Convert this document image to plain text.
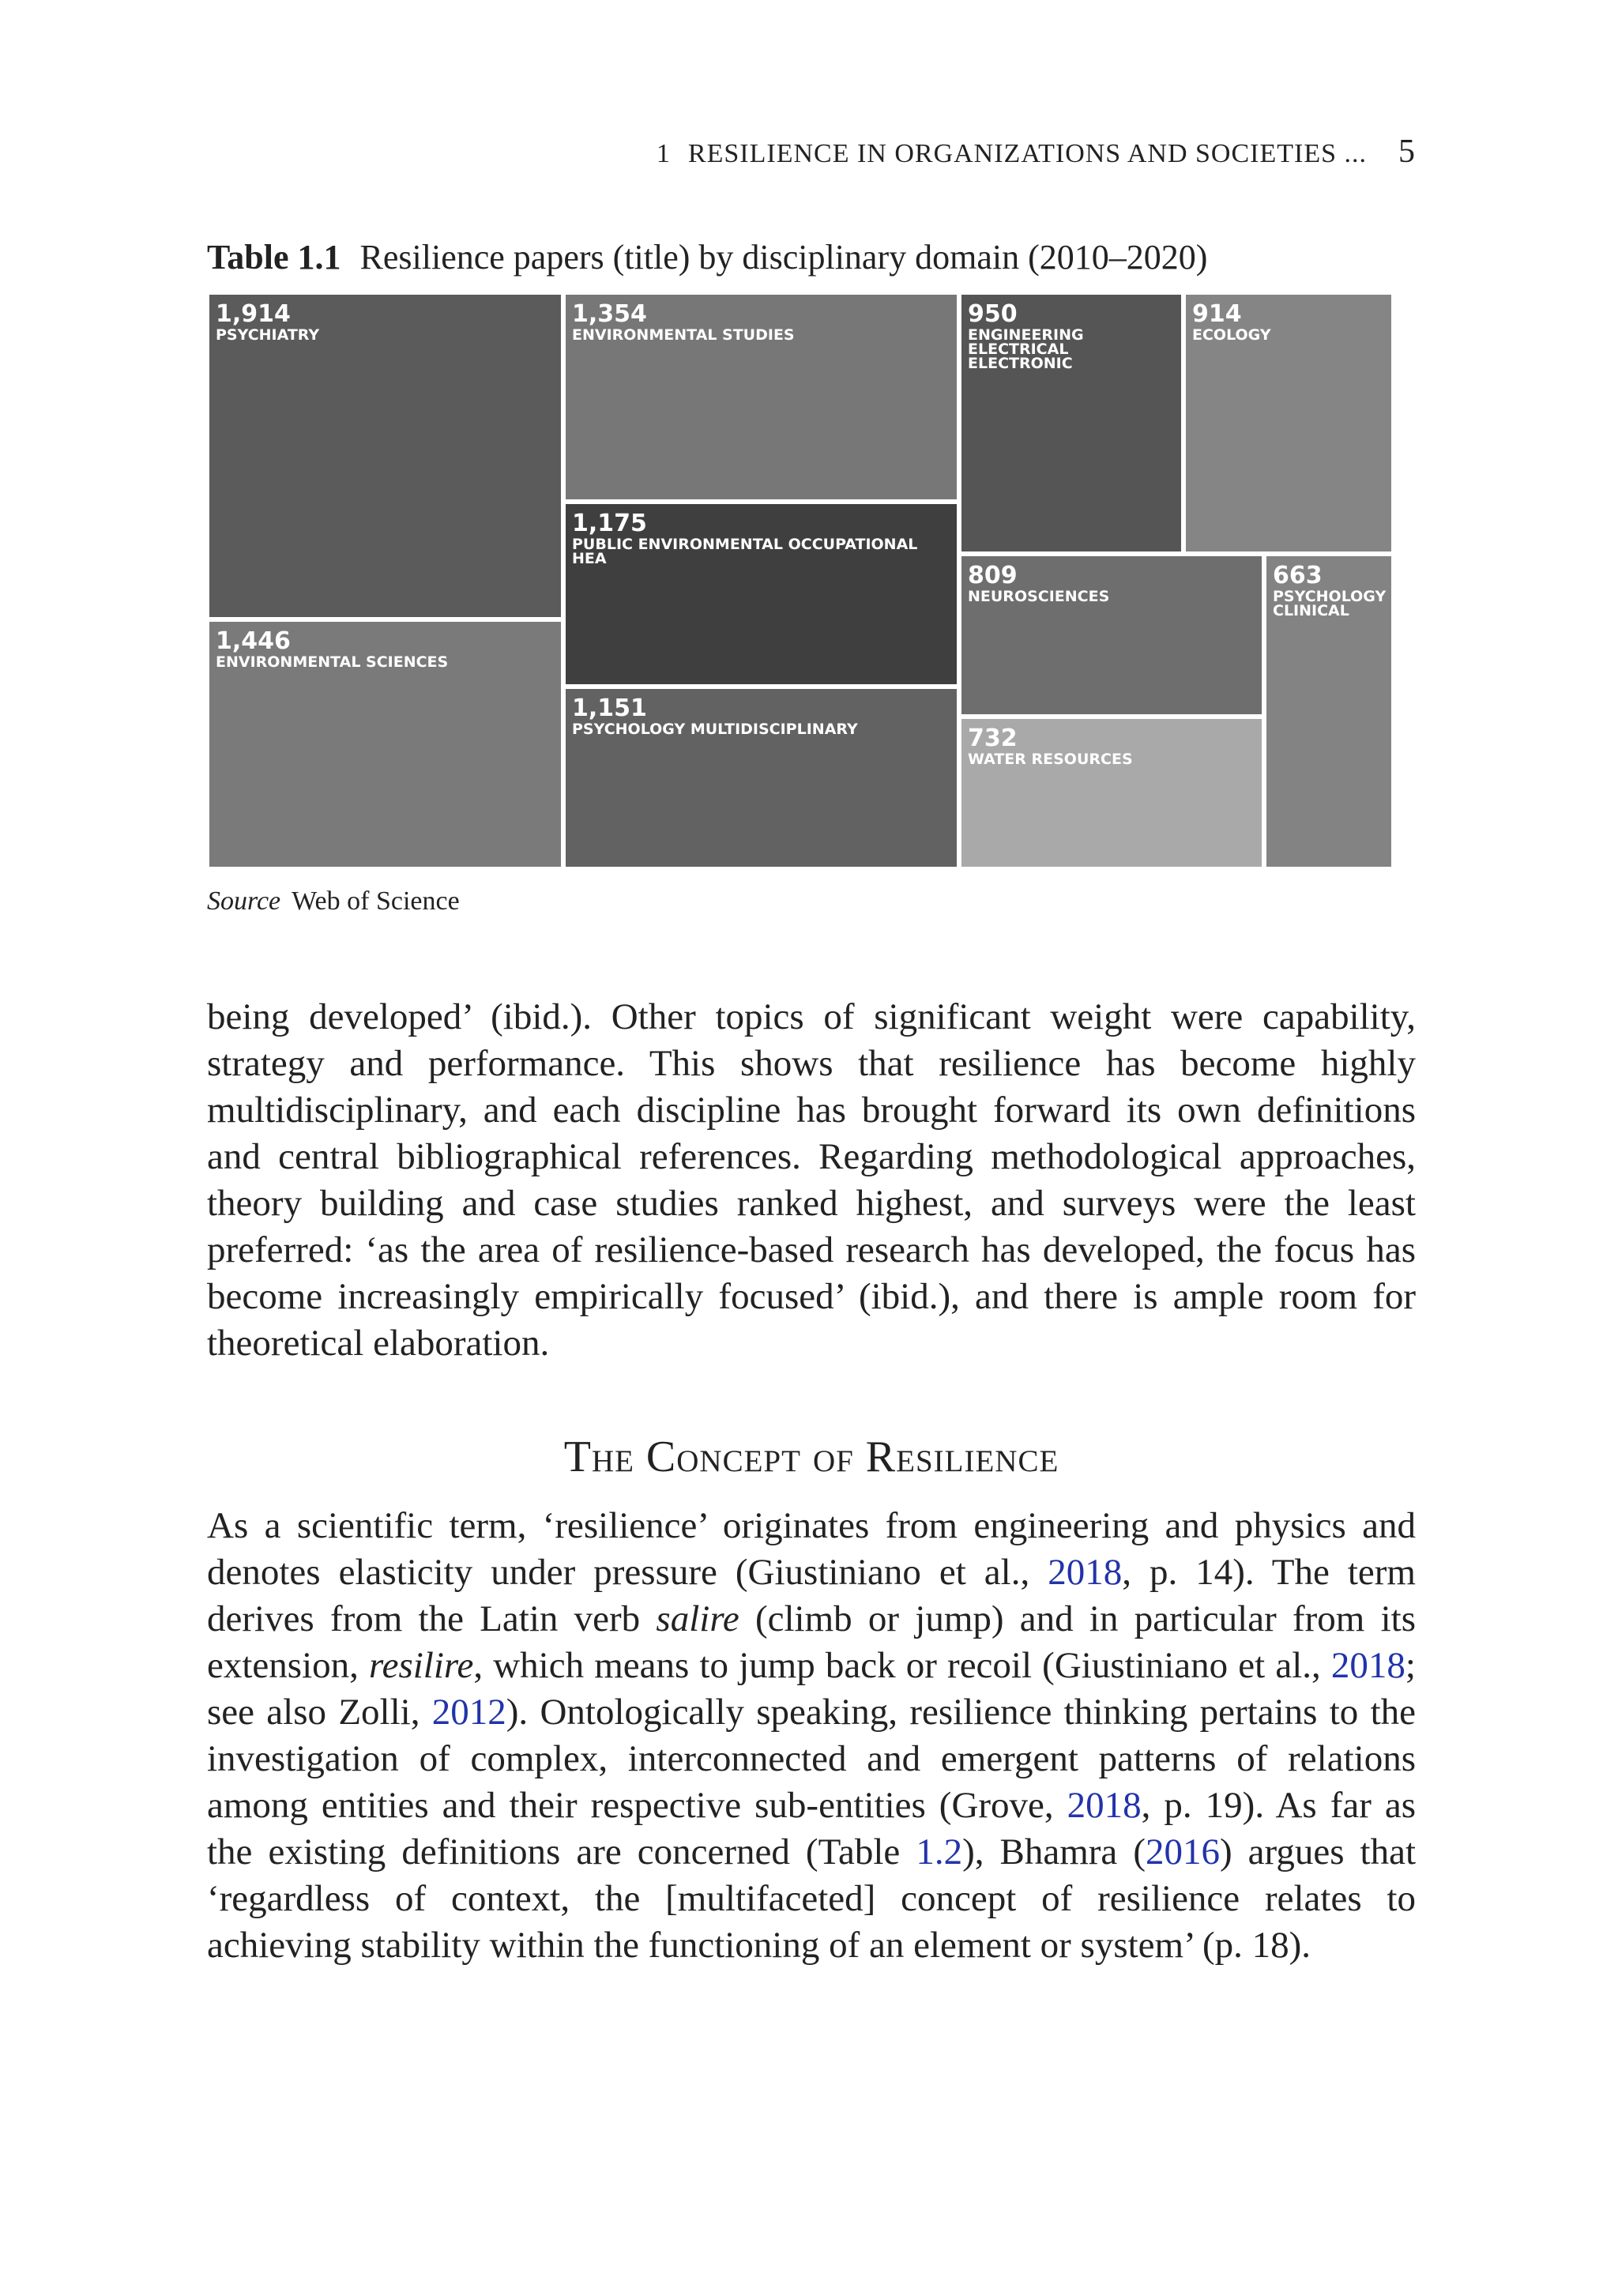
1 RESILIENCE IN ORGANIZATIONS AND SOCIETIES ... 5
Table 1.1 Resilience papers (title) by disciplinary domain (2010–2020)
1,914
PSYCHIATRY
1,446
ENVIRONMENTAL SCIENCES
1,354
ENVIRONMENTAL STUDIES
1,175
PUBLIC ENVIRONMENTAL OCCUPATIONAL HEA
1,151
PSYCHOLOGY MULTIDISCIPLINARY
950
ENGINEERING ELECTRICAL ELECTRONIC
914
ECOLOGY
809
NEUROSCIENCES
663
PSYCHOLOGY CLINICAL
732
WATER RESOURCES
Source Web of Science

being developed’ (ibid.). Other topics of significant weight were capability, strategy and performance. This shows that resilience has become highly multidisciplinary, and each discipline has brought forward its own definitions and central bibliographical references. Regarding methodological approaches, theory building and case studies ranked highest, and surveys were the least preferred: ‘as the area of resilience-based research has developed, the focus has become increasingly empirically focused’ (ibid.), and there is ample room for theoretical elaboration.

The Concept of Resilience

As a scientific term, ‘resilience’ originates from engineering and physics and denotes elasticity under pressure (Giustiniano et al., 2018, p. 14). The term derives from the Latin verb salire (climb or jump) and in particular from its extension, resilire, which means to jump back or recoil (Giustiniano et al., 2018; see also Zolli, 2012). Ontologically speaking, resilience thinking pertains to the investigation of complex, interconnected and emergent patterns of relations among entities and their respective sub-entities (Grove, 2018, p. 19). As far as the existing definitions are concerned (Table 1.2), Bhamra (2016) argues that ‘regardless of context, the [multifaceted] concept of resilience relates to achieving stability within the functioning of an element or system’ (p. 18).
